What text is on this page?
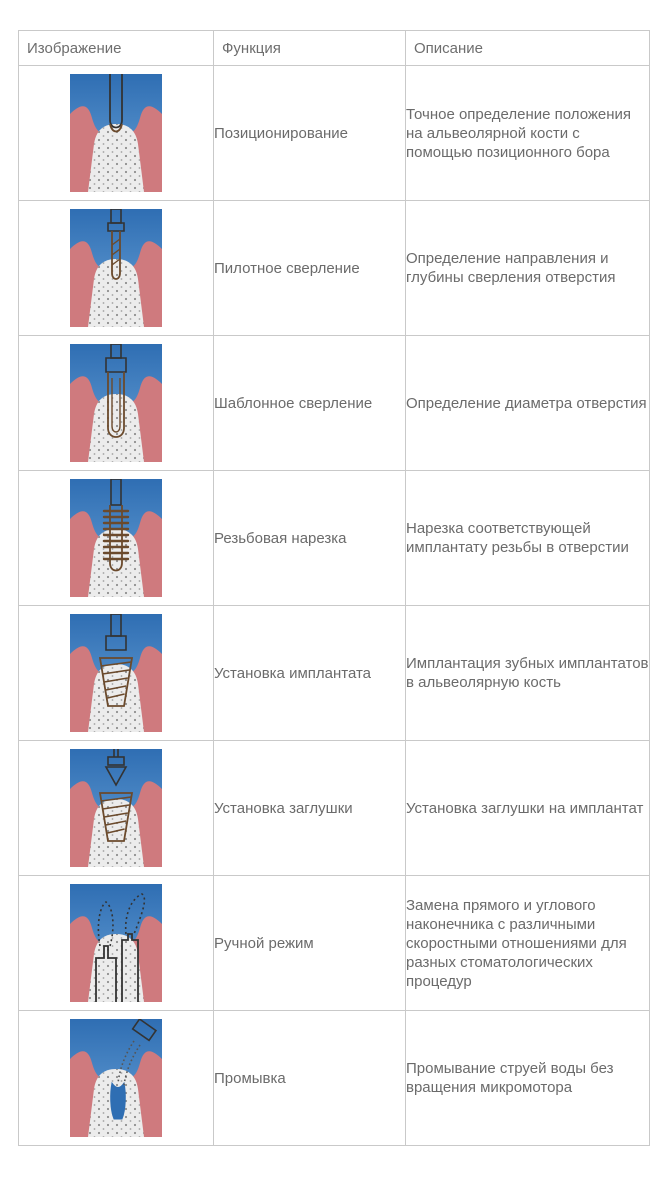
Изображение	Функция	Описание

	Позиционирование	Точное определение положения на альвеолярной кости с помощью позиционного бора

	Пилотное сверление	Определение направления и глубины сверления отверстия

	Шаблонное сверление	Определение диаметра отверстия

	Резьбовая нарезка	Нарезка соответствующей имплантату резьбы в отверстии

	Установка имплантата	Имплантация зубных имплантатов в альвеолярную кость

	Установка заглушки	Установка заглушки на имплантат

	Ручной режим	Замена прямого и углового наконечника с различными скоростными отношениями для разных стоматологических процедур

	Промывка	Промывание струей воды без вращения микромотора
